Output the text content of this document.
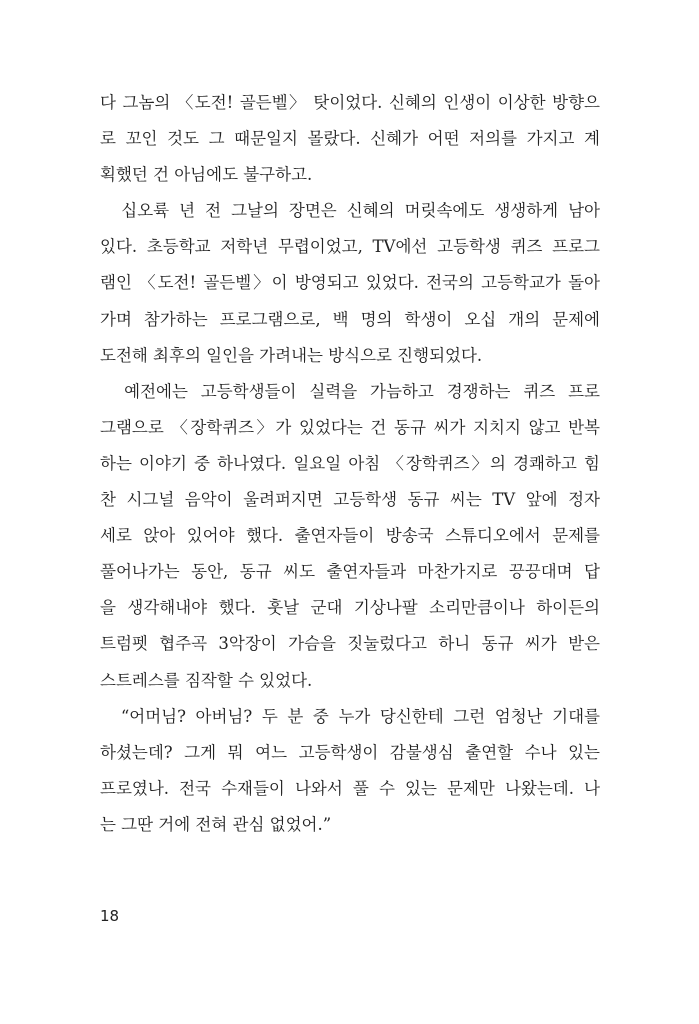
다 그놈의 〈도전! 골든벨〉 탓이었다. 신혜의 인생이 이상한 방향으
로 꼬인 것도 그 때문일지 몰랐다. 신혜가 어떤 저의를 가지고 계
획했던 건 아님에도 불구하고.
　십오륙 년 전 그날의 장면은 신혜의 머릿속에도 생생하게 남아
있다. 초등학교 저학년 무렵이었고, TV에선 고등학생 퀴즈 프로그
램인 〈도전! 골든벨〉이 방영되고 있었다. 전국의 고등학교가 돌아
가며 참가하는 프로그램으로, 백 명의 학생이 오십 개의 문제에
도전해 최후의 일인을 가려내는 방식으로 진행되었다.
　예전에는 고등학생들이 실력을 가늠하고 경쟁하는 퀴즈 프로
그램으로 〈장학퀴즈〉가 있었다는 건 동규 씨가 지치지 않고 반복
하는 이야기 중 하나였다. 일요일 아침 〈장학퀴즈〉의 경쾌하고 힘
찬 시그널 음악이 울려퍼지면 고등학생 동규 씨는 TV 앞에 정자
세로 앉아 있어야 했다. 출연자들이 방송국 스튜디오에서 문제를
풀어나가는 동안, 동규 씨도 출연자들과 마찬가지로 끙끙대며 답
을 생각해내야 했다. 훗날 군대 기상나팔 소리만큼이나 하이든의
트럼펫 협주곡 3악장이 가슴을 짓눌렀다고 하니 동규 씨가 받은
스트레스를 짐작할 수 있었다.
　“어머님? 아버님? 두 분 중 누가 당신한테 그런 엄청난 기대를
하셨는데? 그게 뭐 여느 고등학생이 감불생심 출연할 수나 있는
프로였나. 전국 수재들이 나와서 풀 수 있는 문제만 나왔는데. 나
는 그딴 거에 전혀 관심 없었어.”
18
